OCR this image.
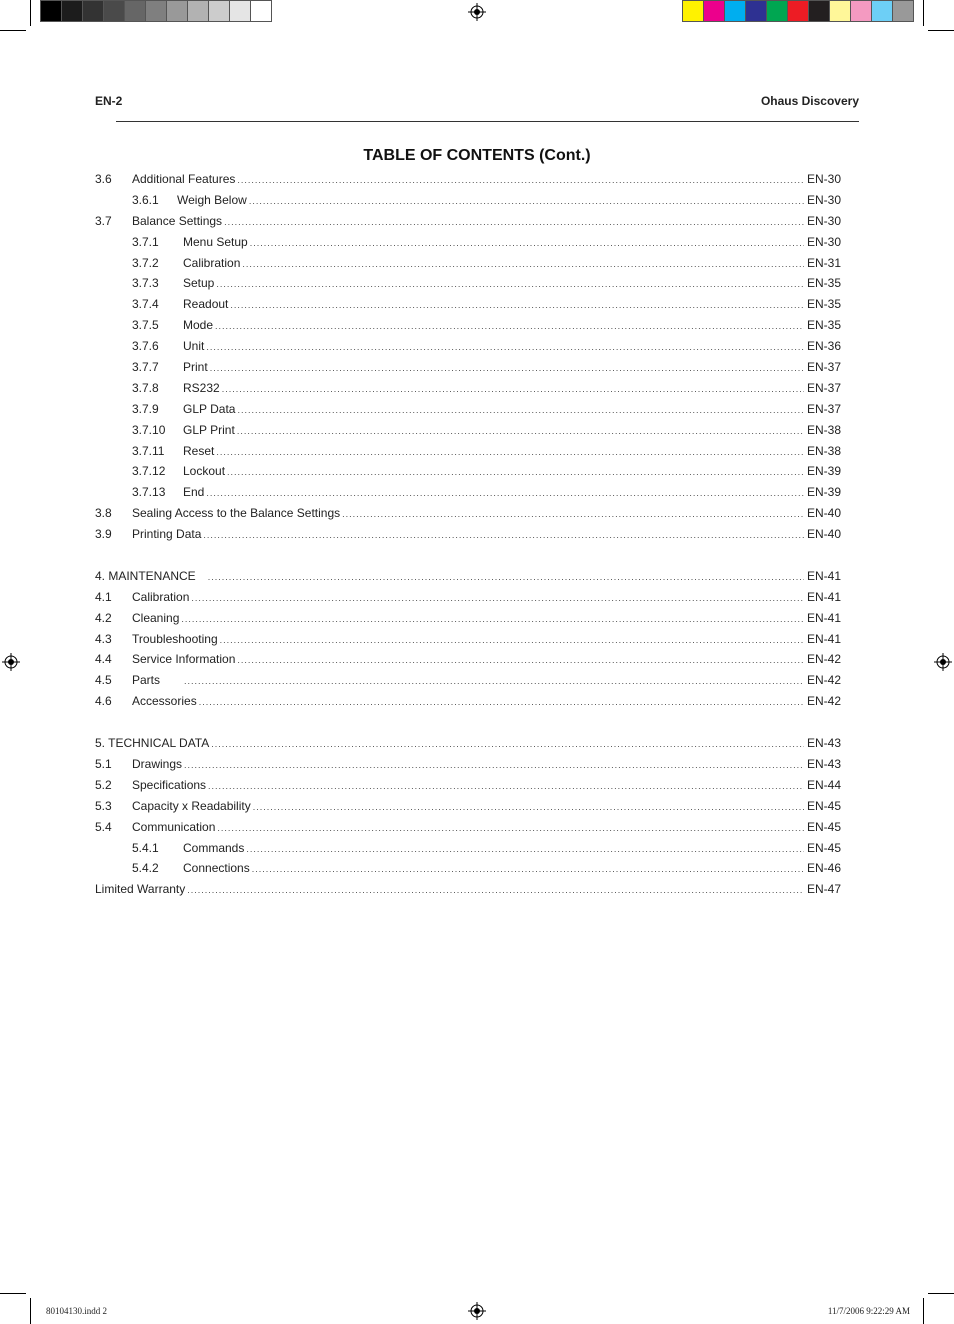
EN-2	Ohaus Discovery
TABLE OF CONTENTS (Cont.)
3.6	Additional Features .....	EN-30
3.6.1	Weigh Below .....	EN-30
3.7	Balance Settings .....	EN-30
3.7.1	Menu Setup .....	EN-30
3.7.2	Calibration .....	EN-31
3.7.3	Setup .....	EN-35
3.7.4	Readout .....	EN-35
3.7.5	Mode .....	EN-35
3.7.6	Unit .....	EN-36
3.7.7	Print .....	EN-37
3.7.8	RS232 .....	EN-37
3.7.9	GLP Data .....	EN-37
3.7.10	GLP Print .....	EN-38
3.7.11	Reset .....	EN-38
3.7.12	Lockout .....	EN-39
3.7.13	End .....	EN-39
3.8	Sealing Access to the Balance Settings .....	EN-40
3.9	Printing Data .....	EN-40
4. MAINTENANCE .....	EN-41
4.1	Calibration .....	EN-41
4.2	Cleaning .....	EN-41
4.3	Troubleshooting .....	EN-41
4.4	Service Information .....	EN-42
4.5	Parts .....	EN-42
4.6	Accessories .....	EN-42
5. TECHNICAL DATA .....	EN-43
5.1	Drawings .....	EN-43
5.2	Specifications .....	EN-44
5.3	Capacity x Readability .....	EN-45
5.4	Communication .....	EN-45
5.4.1	Commands .....	EN-45
5.4.2	Connections .....	EN-46
Limited Warranty .....	EN-47
80104130.indd 2	11/7/2006 9:22:29 AM
